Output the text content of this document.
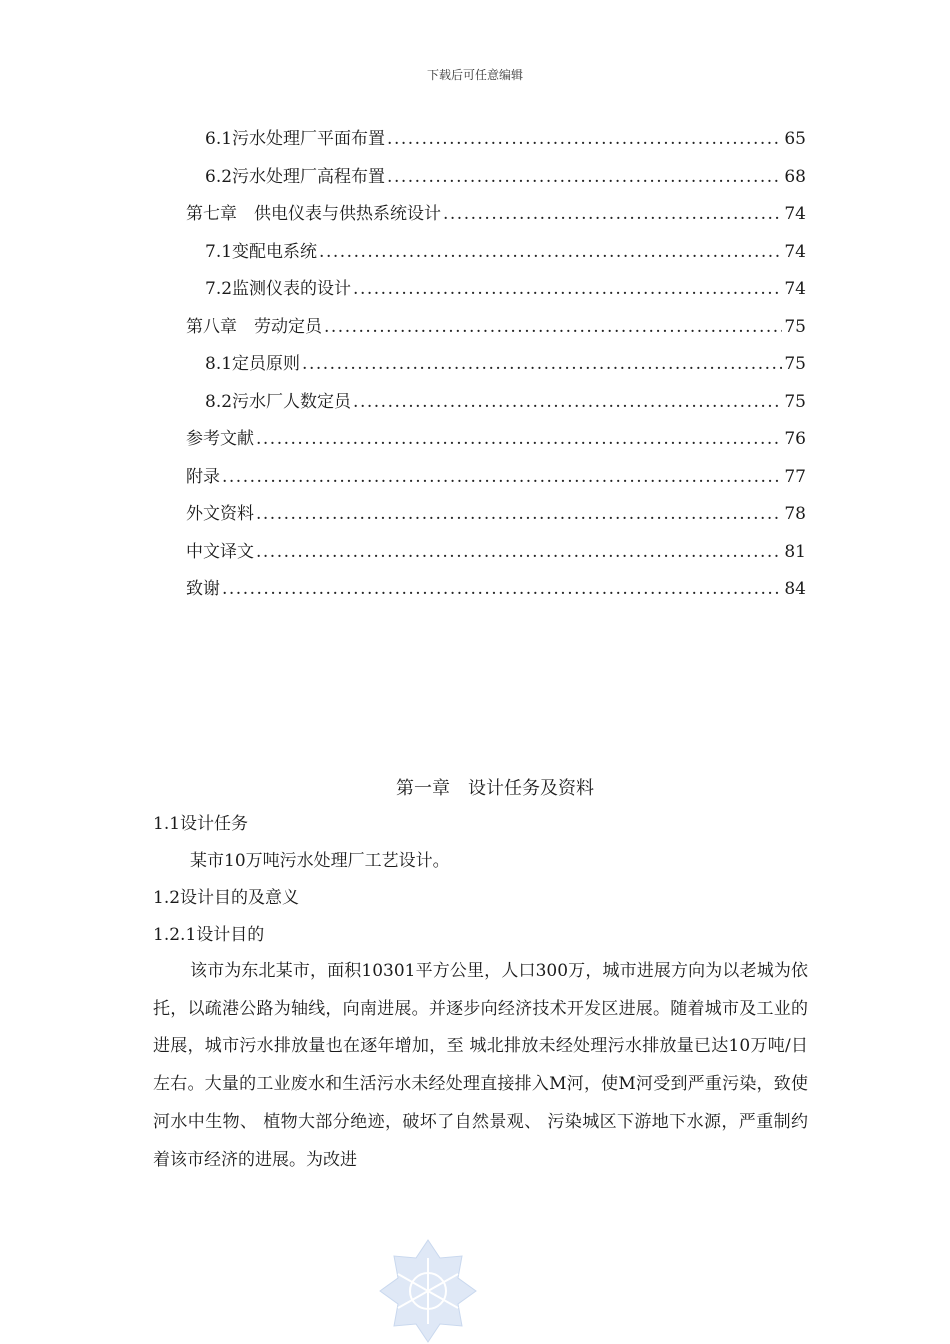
下载后可任意编辑
6.1污水处理厂平面布置 .....	65
6.2污水处理厂高程布置 .....	68
第七章　供电仪表与供热系统设计 .....	74
7.1变配电系统 .....	74
7.2监测仪表的设计 .....	74
第八章　劳动定员 .....	75
8.1定员原则 .....	75
8.2污水厂人数定员 .....	75
参考文献 .....	76
附录 .....	77
外文资料 .....	78
中文译文 .....	81
致谢 .....	84
第一章　设计任务及资料
1.1设计任务
某市10万吨污水处理厂工艺设计。
1.2设计目的及意义
1.2.1设计目的

该市为东北某市，面积10301平方公里，人口300万，城市进展方向为以老城为依托，以疏港公路为轴线，向南进展。并逐步向经济技术开发区进展。随着城市及工业的进展，城市污水排放量也在逐年增加，至 城北排放未经处理污水排放量已达10万吨/日左右。大量的工业废水和生活污水未经处理直接排入M河，使M河受到严重污染，致使河水中生物、 植物大部分绝迹，破坏了自然景观、 污染城区下游地下水源，严重制约着该市经济的进展。为改进
